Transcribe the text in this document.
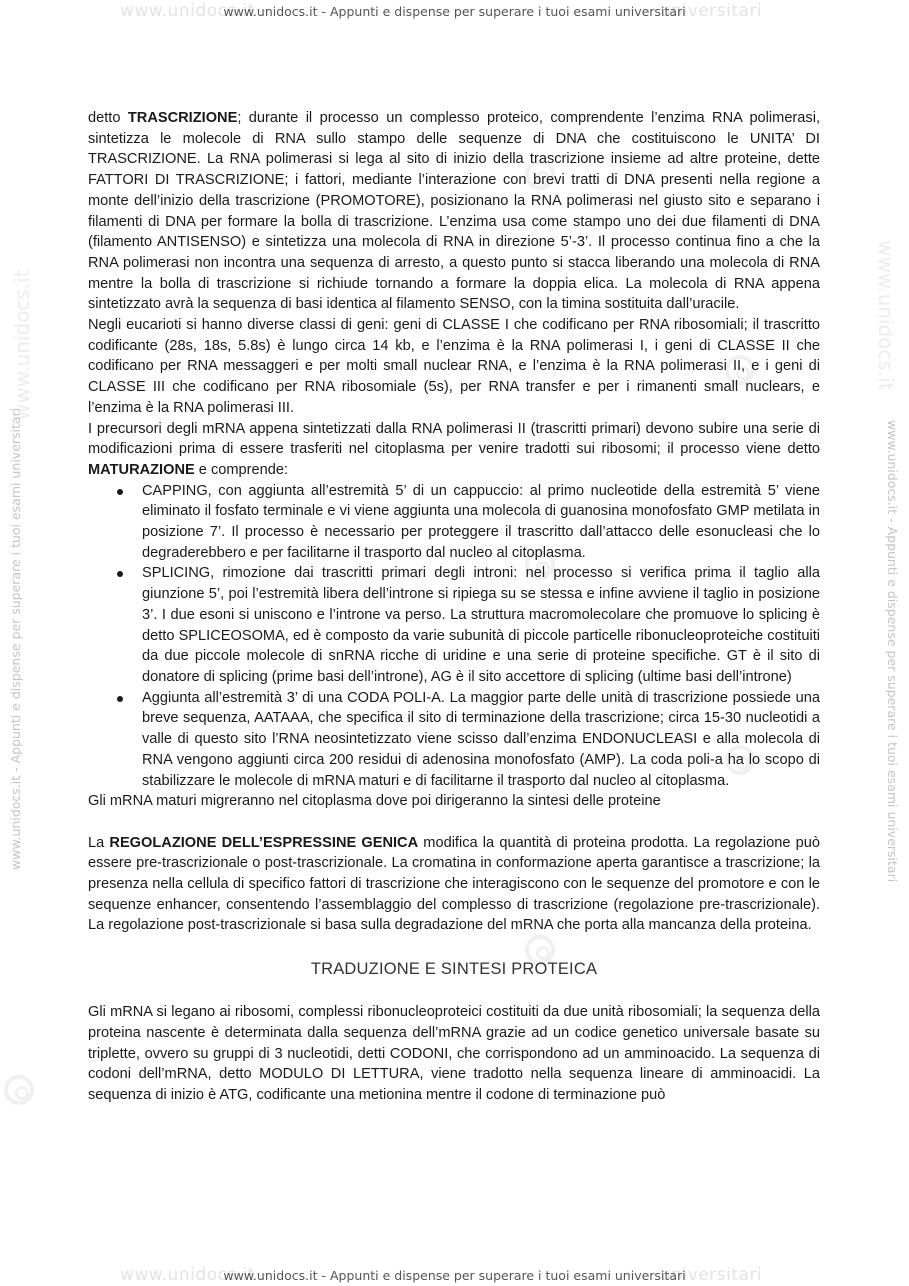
www.unidocs.it	universitari
www.unidocs.it - Appunti e dispense per superare i tuoi esami universitari
www.unidocs.it	www.unidocs.it
www.unidocs.it - Appunti e dispense per superare i tuoi esami universitari	www.unidocs.it - Appunti e dispense per superare i tuoi esami universitari

detto TRASCRIZIONE; durante il processo un complesso proteico, comprendente l’enzima RNA polimerasi, sintetizza le molecole di RNA sullo stampo delle sequenze di DNA che costituiscono le UNITA’ DI TRASCRIZIONE. La RNA polimerasi si lega al sito di inizio della trascrizione insieme ad altre proteine, dette FATTORI DI TRASCRIZIONE; i fattori, mediante l’interazione con brevi tratti di DNA presenti nella regione a monte dell’inizio della trascrizione (PROMOTORE), posizionano la RNA polimerasi nel giusto sito e separano i filamenti di DNA per formare la bolla di trascrizione. L’enzima usa come stampo uno dei due filamenti di DNA (filamento ANTISENSO) e sintetizza una molecola di RNA in direzione 5’-3’. Il processo continua fino a che la RNA polimerasi non incontra una sequenza di arresto, a questo punto si stacca liberando una molecola di RNA mentre la bolla di trascrizione si richiude tornando a formare la doppia elica. La molecola di RNA appena sintetizzato avrà la sequenza di basi identica al filamento SENSO, con la timina sostituita dall’uracile.

Negli eucarioti si hanno diverse classi di geni: geni di CLASSE I che codificano per RNA ribosomiali; il trascritto codificante (28s, 18s, 5.8s) è lungo circa 14 kb, e l’enzima è la RNA polimerasi I, i geni di CLASSE II che codificano per RNA messaggeri e per molti small nuclear RNA, e l’enzima è la RNA polimerasi II, e i geni di CLASSE III che codificano per RNA ribosomiale (5s), per RNA transfer e per i rimanenti small nuclears, e l’enzima è la RNA polimerasi III.

I precursori degli mRNA appena sintetizzati dalla RNA polimerasi II (trascritti primari) devono subire una serie di modificazioni prima di essere trasferiti nel citoplasma per venire tradotti sui ribosomi; il processo viene detto MATURAZIONE e comprende:

CAPPING, con aggiunta all’estremità 5’ di un cappuccio: al primo nucleotide della estremità 5’ viene eliminato il fosfato terminale e vi viene aggiunta una molecola di guanosina monofosfato GMP metilata in posizione 7’. Il processo è necessario per proteggere il trascritto dall’attacco delle esonucleasi che lo degraderebbero e per facilitarne il trasporto dal nucleo al citoplasma.
SPLICING, rimozione dai trascritti primari degli introni: nel processo si verifica prima il taglio alla giunzione 5’, poi l’estremità libera dell’introne si ripiega su se stessa e infine avviene il taglio in posizione 3’. I due esoni si uniscono e l’introne va perso. La struttura macromolecolare che promuove lo splicing è detto SPLICEOSOMA, ed è composto da varie subunità di piccole particelle ribonucleoproteiche costituiti da due piccole molecole di snRNA ricche di uridine e una serie di proteine specifiche. GT è il sito di donatore di splicing (prime basi dell’introne), AG è il sito accettore di splicing (ultime basi dell’introne)
Aggiunta all’estremità 3’ di una CODA POLI-A. La maggior parte delle unità di trascrizione possiede una breve sequenza, AATAAA, che specifica il sito di terminazione della trascrizione; circa 15-30 nucleotidi a valle di questo sito l’RNA neosintetizzato viene scisso dall’enzima ENDONUCLEASI e alla molecola di RNA vengono aggiunti circa 200 residui di adenosina monofosfato (AMP). La coda poli-a ha lo scopo di stabilizzare le molecole di mRNA maturi e di facilitarne il trasporto dal nucleo al citoplasma.

Gli mRNA maturi migreranno nel citoplasma dove poi dirigeranno la sintesi delle proteine

La REGOLAZIONE DELL’ESPRESSINE GENICA modifica la quantità di proteina prodotta. La regolazione può essere pre-trascrizionale o post-trascrizionale. La cromatina in conformazione aperta garantisce a trascrizione; la presenza nella cellula di specifico fattori di trascrizione che interagiscono con le sequenze del promotore e con le sequenze enhancer, consentendo l’assemblaggio del complesso di trascrizione (regolazione pre-trascrizionale). La regolazione post-trascrizionale si basa sulla degradazione del mRNA che porta alla mancanza della proteina.

TRADUZIONE E SINTESI PROTEICA

Gli mRNA si legano ai ribosomi, complessi ribonucleoproteici costituiti da due unità ribosomiali; la sequenza della proteina nascente è determinata dalla sequenza dell’mRNA grazie ad un codice genetico universale basate su triplette, ovvero su gruppi di 3 nucleotidi, detti CODONI, che corrispondono ad un amminoacido. La sequenza di codoni dell’mRNA, detto MODULO DI LETTURA, viene tradotto nella sequenza lineare di amminoacidi. La sequenza di inizio è ATG, codificante una metionina mentre il codone di terminazione può

www.unidocs.it	universitari
www.unidocs.it - Appunti e dispense per superare i tuoi esami universitari
